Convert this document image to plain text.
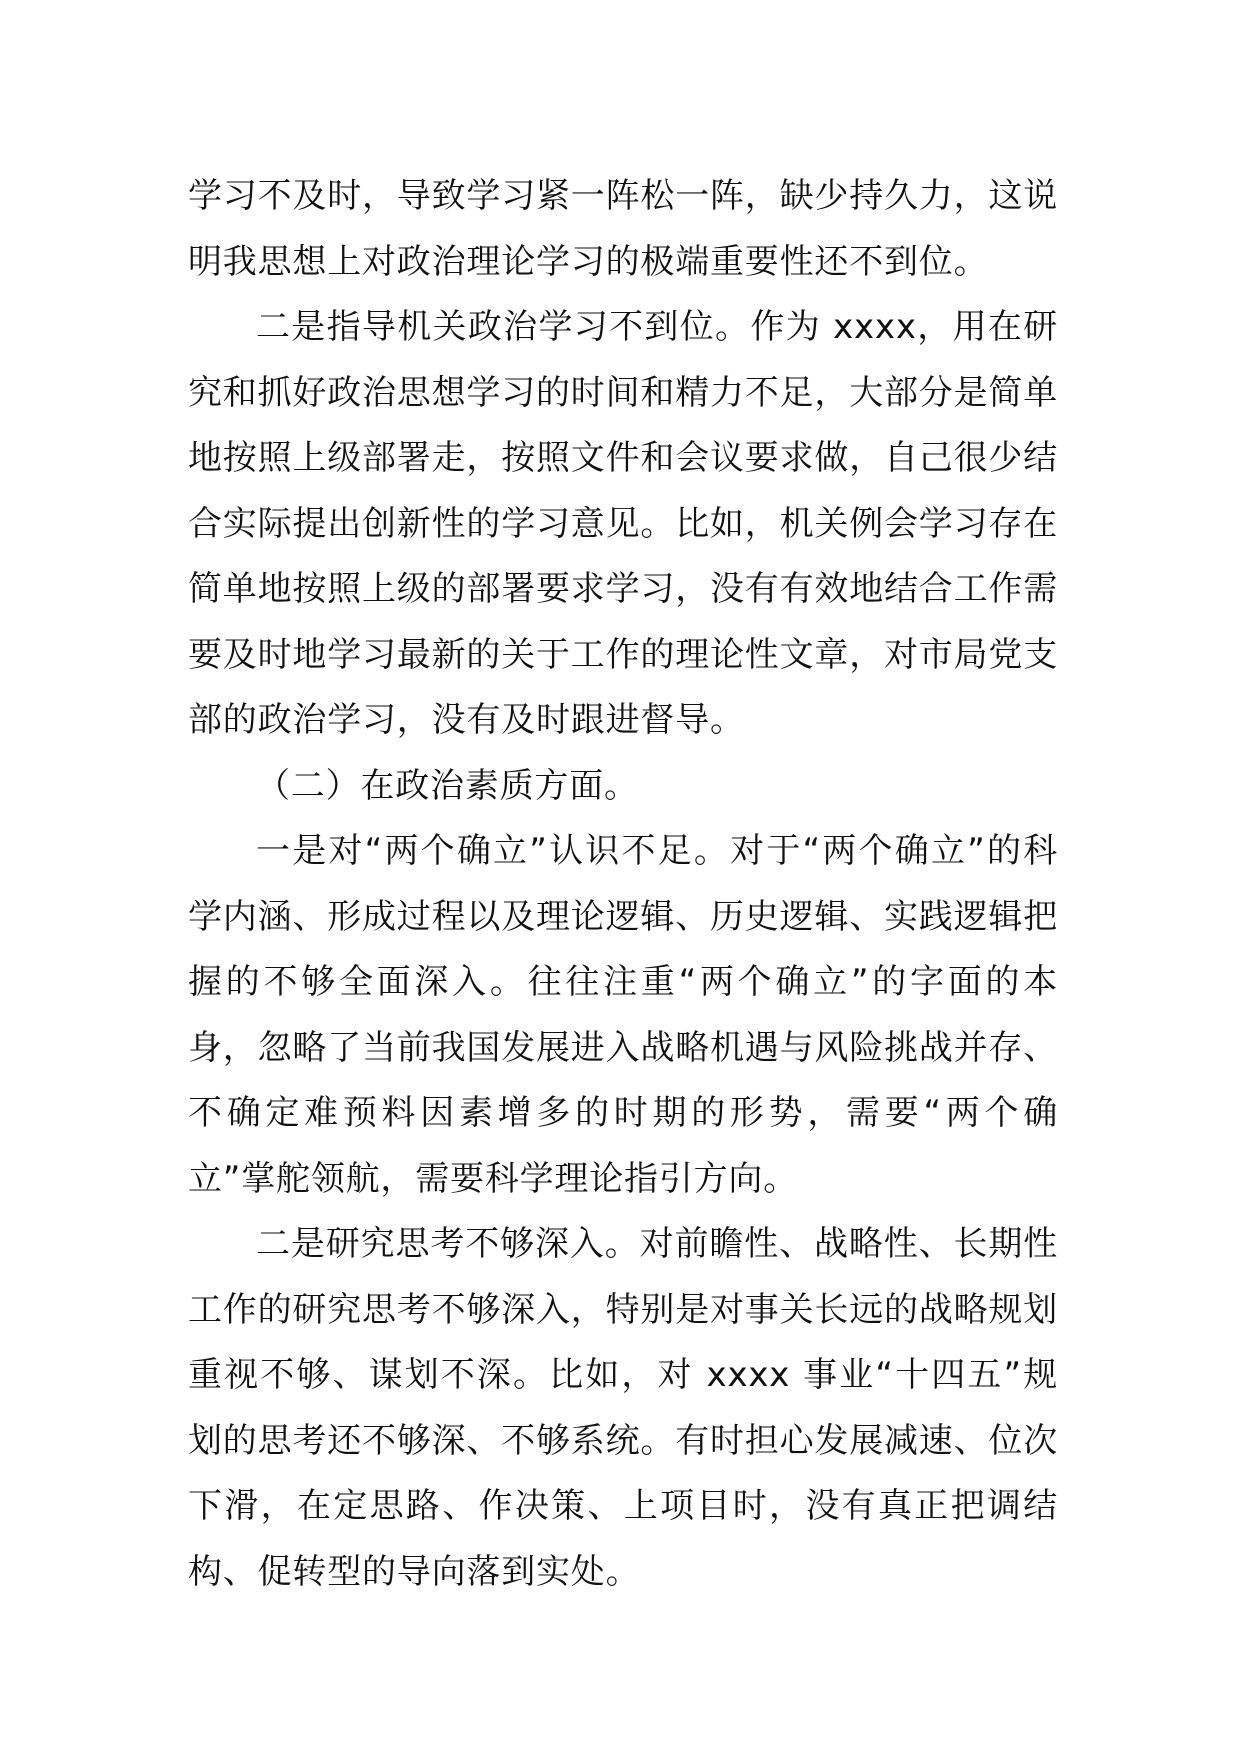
学习不及时，导致学习紧一阵松一阵，缺少持久力，这说明我思想上对政治理论学习的极端重要性还不到位。

二是指导机关政治学习不到位。作为 xxxx，用在研究和抓好政治思想学习的时间和精力不足，大部分是简单地按照上级部署走，按照文件和会议要求做，自己很少结合实际提出创新性的学习意见。比如，机关例会学习存在简单地按照上级的部署要求学习，没有有效地结合工作需要及时地学习最新的关于工作的理论性文章，对市局党支部的政治学习，没有及时跟进督导。

（二）在政治素质方面。

一是对“两个确立”认识不足。对于“两个确立”的科学内涵、形成过程以及理论逻辑、历史逻辑、实践逻辑把握的不够全面深入。往往注重“两个确立”的字面的本身，忽略了当前我国发展进入战略机遇与风险挑战并存、不确定难预料因素增多的时期的形势，需要“两个确立”掌舵领航，需要科学理论指引方向。

二是研究思考不够深入。对前瞻性、战略性、长期性工作的研究思考不够深入，特别是对事关长远的战略规划重视不够、谋划不深。比如，对 xxxx 事业“十四五”规划的思考还不够深、不够系统。有时担心发展减速、位次下滑，在定思路、作决策、上项目时，没有真正把调结构、促转型的导向落到实处。
